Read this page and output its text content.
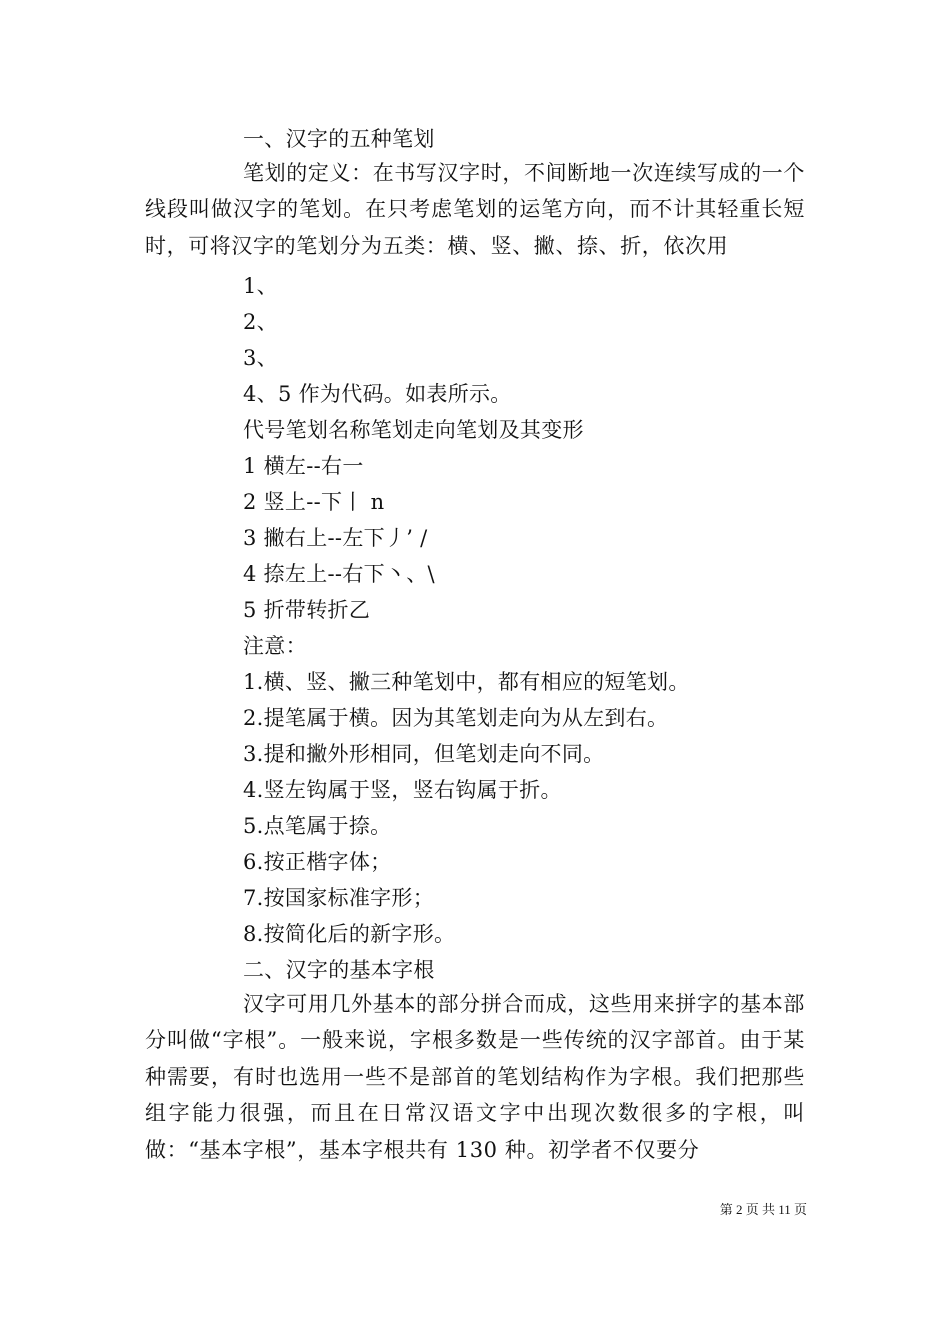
一、汉字的五种笔划
笔划的定义：在书写汉字时，不间断地一次连续写成的一个线段叫做汉字的笔划。在只考虑笔划的运笔方向，而不计其轻重长短时，可将汉字的笔划分为五类：横、竖、撇、捺、折，依次用
1、
2、
3、
4、5 作为代码。如表所示。
代号笔划名称笔划走向笔划及其变形
1 横左--右一
2 竖上--下丨 n
3 撇右上--左下丿’ /
4 捺左上--右下丶、\
5 折带转折乙
注意：
1.横、竖、撇三种笔划中，都有相应的短笔划。
2.提笔属于横。因为其笔划走向为从左到右。
3.提和撇外形相同，但笔划走向不同。
4.竖左钩属于竖，竖右钩属于折。
5.点笔属于捺。
6.按正楷字体；
7.按国家标准字形；
8.按简化后的新字形。
二、汉字的基本字根
汉字可用几外基本的部分拼合而成，这些用来拼字的基本部分叫做“字根”。一般来说，字根多数是一些传统的汉字部首。由于某种需要，有时也选用一些不是部首的笔划结构作为字根。我们把那些组字能力很强，而且在日常汉语文字中出现次数很多的字根，叫做：“基本字根”，基本字根共有 130 种。初学者不仅要分
第 2 页 共 11 页
